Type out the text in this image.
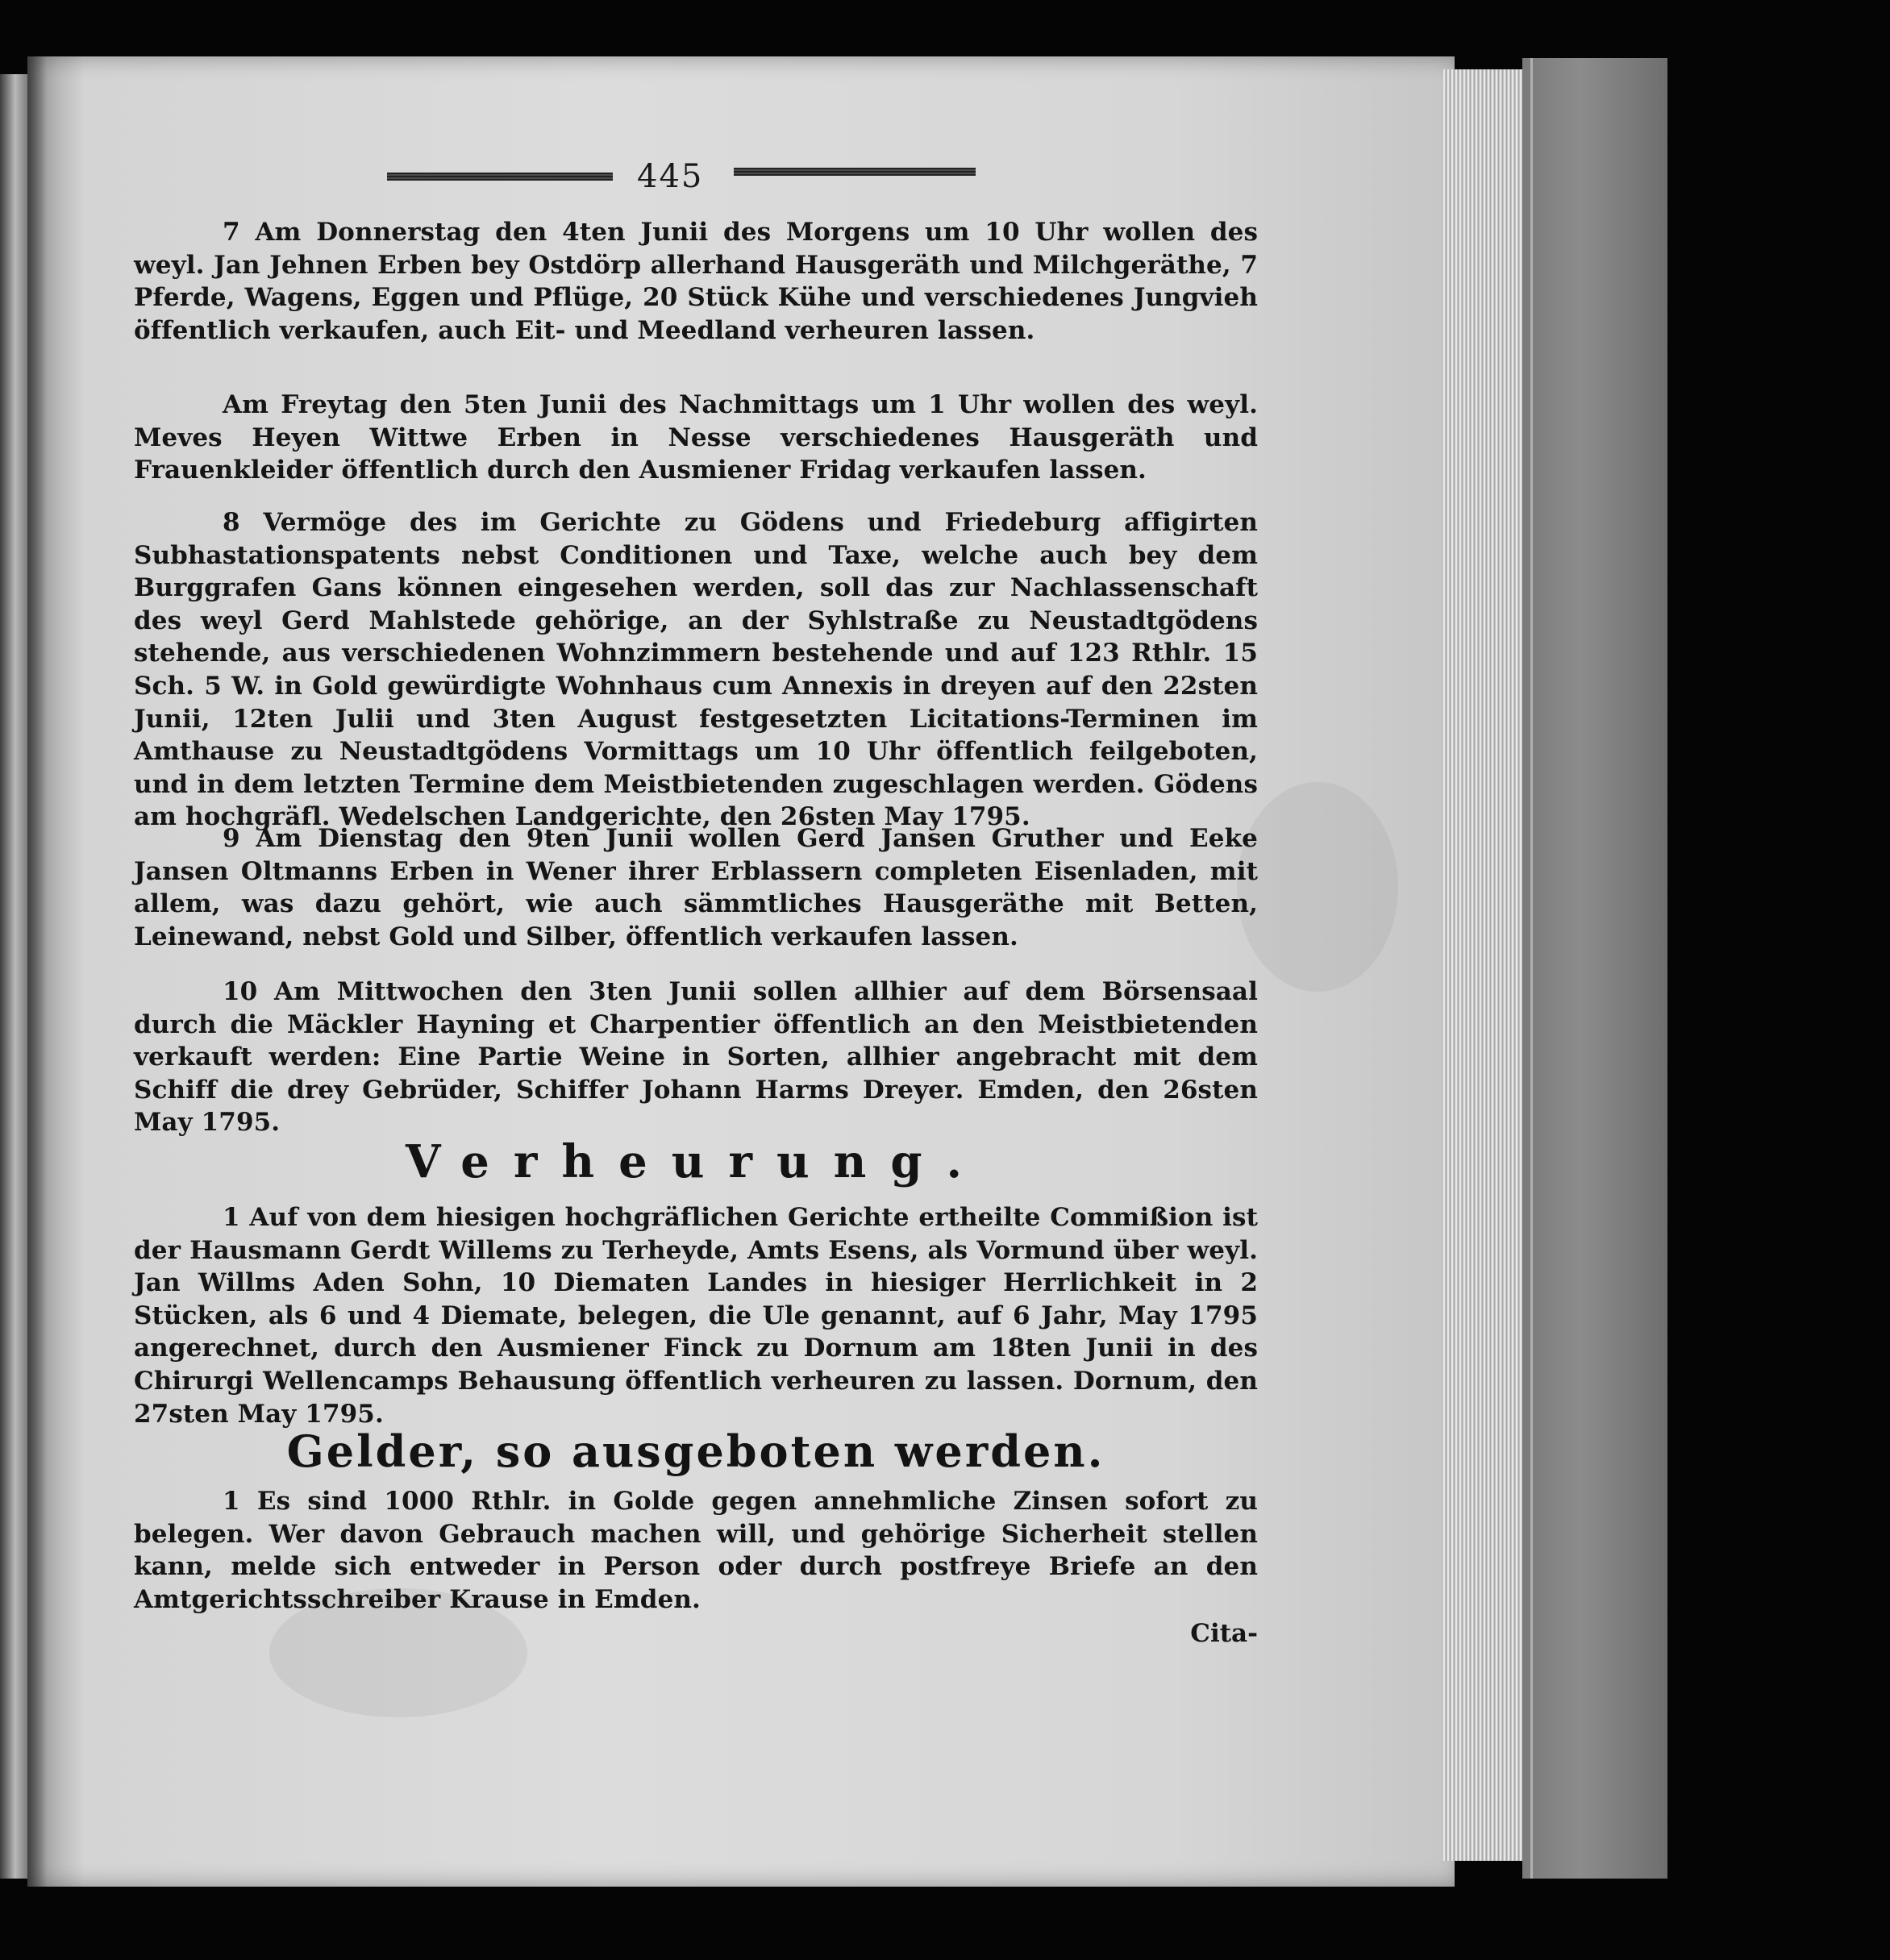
445

7 Am Donnerstag den 4ten Junii des Morgens um 10 Uhr wollen des weyl. Jan Jehnen Erben bey Ostdörp allerhand Hausgeräth und Milchgeräthe, 7 Pferde, Wagens, Eggen und Pflüge, 20 Stück Kühe und verschiedenes Jungvieh öffentlich verkaufen, auch Eit- und Meedland verheuren lassen.

Am Freytag den 5ten Junii des Nachmittags um 1 Uhr wollen des weyl. Meves Heyen Wittwe Erben in Nesse verschiedenes Hausgeräth und Frauenkleider öffentlich durch den Ausmiener Fridag verkaufen lassen.

8 Vermöge des im Gerichte zu Gödens und Friedeburg affigirten Subhastationspatents nebst Conditionen und Taxe, welche auch bey dem Burggrafen Gans können eingesehen werden, soll das zur Nachlassenschaft des weyl Gerd Mahlstede gehörige, an der Syhlstraße zu Neustadtgödens stehende, aus verschiedenen Wohnzimmern bestehende und auf 123 Rthlr. 15 Sch. 5 W. in Gold gewürdigte Wohnhaus cum Annexis in dreyen auf den 22sten Junii, 12ten Julii und 3ten August festgesetzten Licitations-Terminen im Amthause zu Neustadtgödens Vormittags um 10 Uhr öffentlich feilgeboten, und in dem letzten Termine dem Meistbietenden zugeschlagen werden. Gödens am hochgräfl. Wedelschen Landgerichte, den 26sten May 1795.

9 Am Dienstag den 9ten Junii wollen Gerd Jansen Gruther und Eeke Jansen Oltmanns Erben in Wener ihrer Erblassern completen Eisenladen, mit allem, was dazu gehört, wie auch sämmtliches Hausgeräthe mit Betten, Leinewand, nebst Gold und Silber, öffentlich verkaufen lassen.

10 Am Mittwochen den 3ten Junii sollen allhier auf dem Börsensaal durch die Mäckler Hayning et Charpentier öffentlich an den Meistbietenden verkauft werden: Eine Partie Weine in Sorten, allhier angebracht mit dem Schiff die drey Gebrüder, Schiffer Johann Harms Dreyer. Emden, den 26sten May 1795.

Verheurung.

1 Auf von dem hiesigen hochgräflichen Gerichte ertheilte Commißion ist der Hausmann Gerdt Willems zu Terheyde, Amts Esens, als Vormund über weyl. Jan Willms Aden Sohn, 10 Diematen Landes in hiesiger Herrlichkeit in 2 Stücken, als 6 und 4 Diemate, belegen, die Ule genannt, auf 6 Jahr, May 1795 angerechnet, durch den Ausmiener Finck zu Dornum am 18ten Junii in des Chirurgi Wellencamps Behausung öffentlich verheuren zu lassen. Dornum, den 27sten May 1795.

Gelder, so ausgeboten werden.

1 Es sind 1000 Rthlr. in Golde gegen annehmliche Zinsen sofort zu belegen. Wer davon Gebrauch machen will, und gehörige Sicherheit stellen kann, melde sich entweder in Person oder durch postfreye Briefe an den Amtgerichtsschreiber Krause in Emden.

Cita-
